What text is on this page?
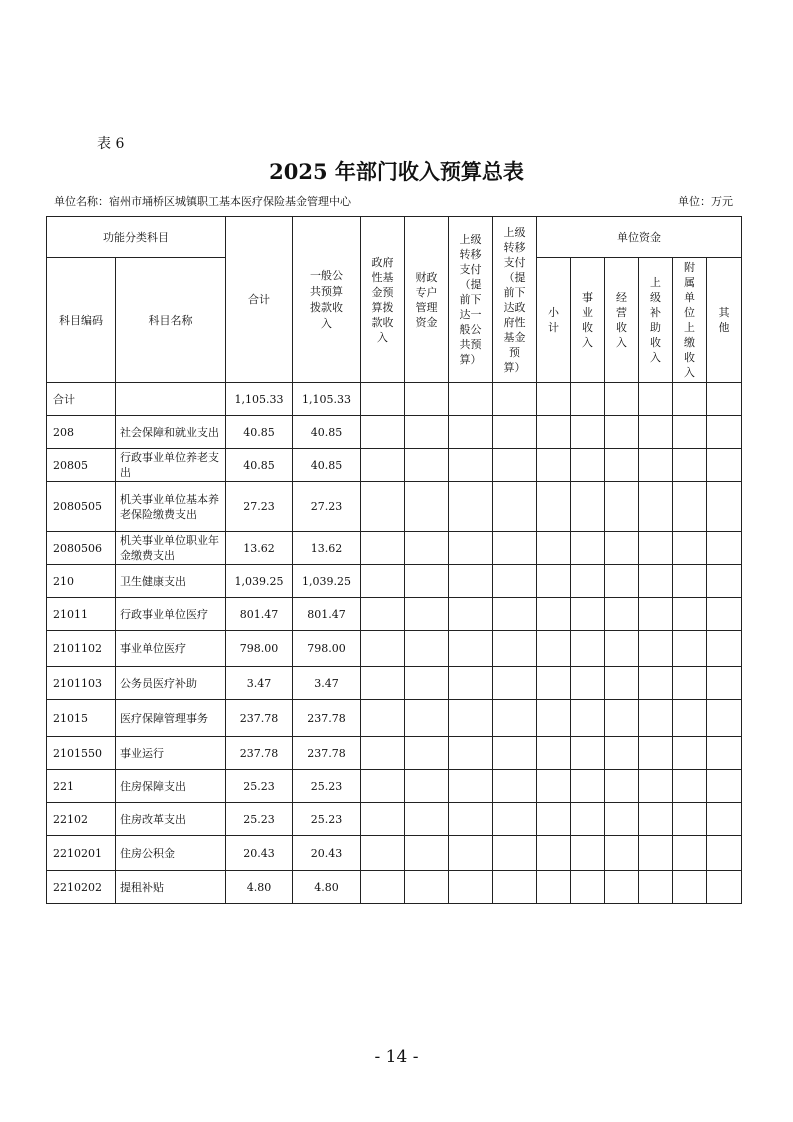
表 6
2025 年部门收入预算总表
单位名称：宿州市埇桥区城镇职工基本医疗保险基金管理中心	单位：万元
功能分类科目		合计	一般公共预算拨款收入	政府性基金预算拨款收入	财政专户管理资金	上级转移支付（提前下达一般公共预算）	上级转移支付（提前下达政府性基金预算）	单位资金					
科目编码	科目名称							小计	事业收入	经营收入	上级补助收入	附属单位上缴收入	其他
合计		1,105.33	1,105.33										
208	社会保障和就业支出	40.85	40.85										
20805	行政事业单位养老支出	40.85	40.85										
2080505	机关事业单位基本养老保险缴费支出	27.23	27.23										
2080506	机关事业单位职业年金缴费支出	13.62	13.62										
210	卫生健康支出	1,039.25	1,039.25										
21011	行政事业单位医疗	801.47	801.47										
2101102	事业单位医疗	798.00	798.00										
2101103	公务员医疗补助	3.47	3.47										
21015	医疗保障管理事务	237.78	237.78										
2101550	事业运行	237.78	237.78										
221	住房保障支出	25.23	25.23										
22102	住房改革支出	25.23	25.23										
2210201	住房公积金	20.43	20.43										
2210202	提租补贴	4.80	4.80										
- 14 -
